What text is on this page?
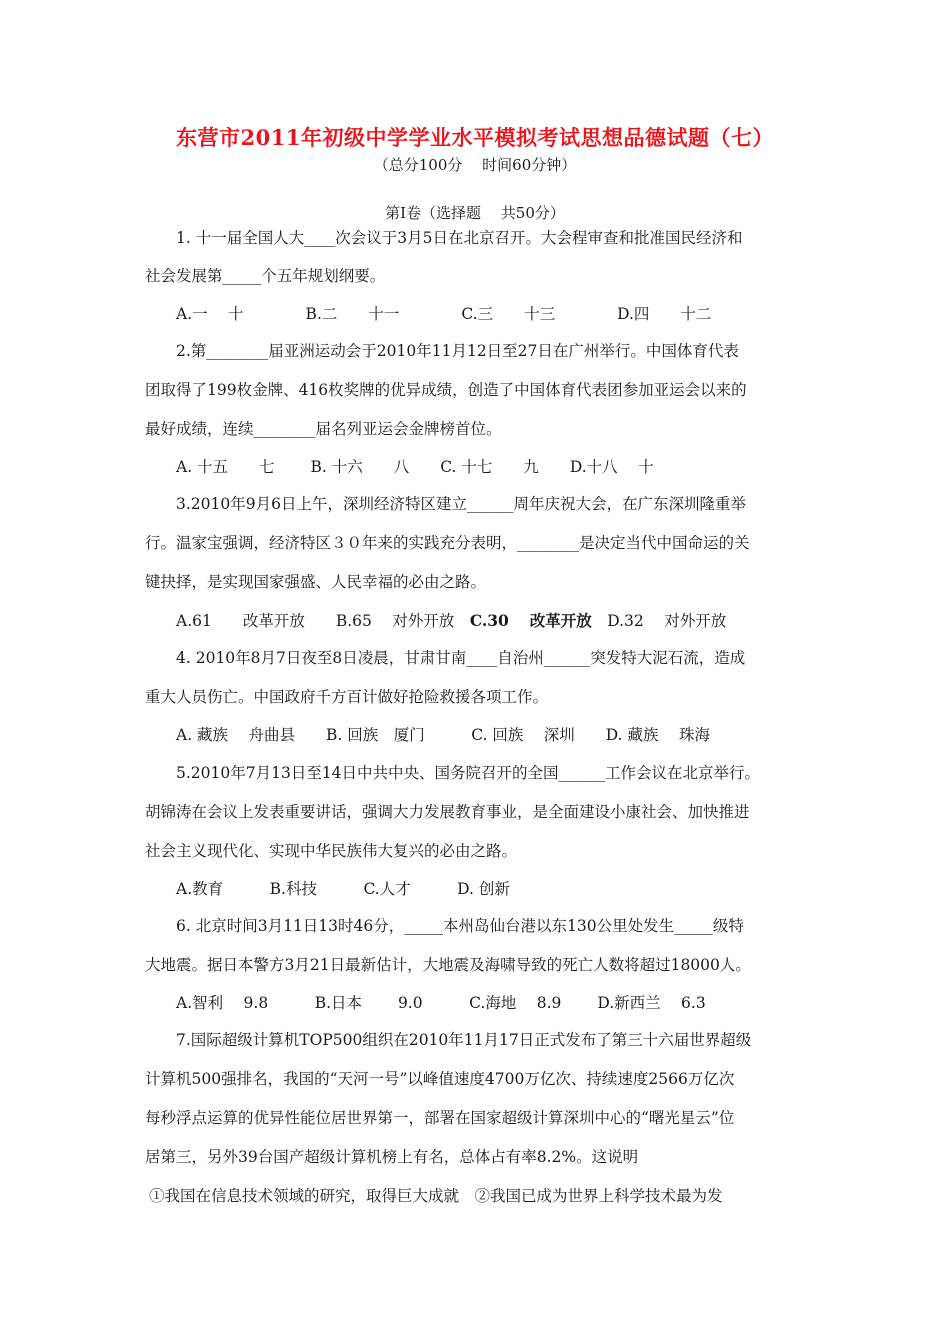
东营市2011年初级中学学业水平模拟考试思想品德试题（七）
（总分100分　 时间60分钟）
第Ⅰ卷（选择题　 共50分）
1. 十一届全国人大____次会议于3月5日在北京召开。大会程审查和批准国民经济和
社会发展第_____个五年规划纲要。
A.一　 十　　　　B.二　　十一　　　　C.三　　十三　　　　D.四　　十二
2.第________届亚洲运动会于2010年11月12日至27日在广州举行。中国体育代表
团取得了199枚金牌、416枚奖牌的优异成绩，创造了中国体育代表团参加亚运会以来的
最好成绩，连续________届名列亚运会金牌榜首位。
A. 十五　　七　　 B. 十六　　八　　C. 十七　　九　　D.十八　 十
3.2010年9月6日上午，深圳经济特区建立______周年庆祝大会，在广东深圳隆重举
行。温家宝强调，经济特区３０年来的实践充分表明，________是决定当代中国命运的关
键抉择，是实现国家强盛、人民幸福的必由之路。
A.61　　改革开放　　B.65　 对外开放　C.30　 改革开放　D.32　 对外开放
4. 2010年8月7日夜至8日凌晨，甘肃甘南____自治州______突发特大泥石流，造成
重大人员伤亡。中国政府千方百计做好抢险救援各项工作。
A. 藏族　 舟曲县　　B. 回族　厦门　　　C. 回族　 深圳　　D. 藏族　 珠海
5.2010年7月13日至14日中共中央、国务院召开的全国______工作会议在北京举行。
胡锦涛在会议上发表重要讲话，强调大力发展教育事业，是全面建设小康社会、加快推进
社会主义现代化、实现中华民族伟大复兴的必由之路。
A.教育　　　B.科技　　　C.人才　　　D. 创新
6. 北京时间3月11日13时46分，_____本州岛仙台港以东130公里处发生_____级特
大地震。据日本警方3月21日最新估计，大地震及海啸导致的死亡人数将超过18000人。
A.智利　 9.8　　　B.日本　　 9.0　　　C.海地　 8.9　　 D.新西兰　 6.3
7.国际超级计算机TOP500组织在2010年11月17日正式发布了第三十六届世界超级
计算机500强排名，我国的“天河一号”以峰值速度4700万亿次、持续速度2566万亿次
每秒浮点运算的优异性能位居世界第一，部署在国家超级计算深圳中心的“曙光星云”位
居第三，另外39台国产超级计算机榜上有名，总体占有率8.2%。这说明
①我国在信息技术领域的研究，取得巨大成就　②我国已成为世界上科学技术最为发
